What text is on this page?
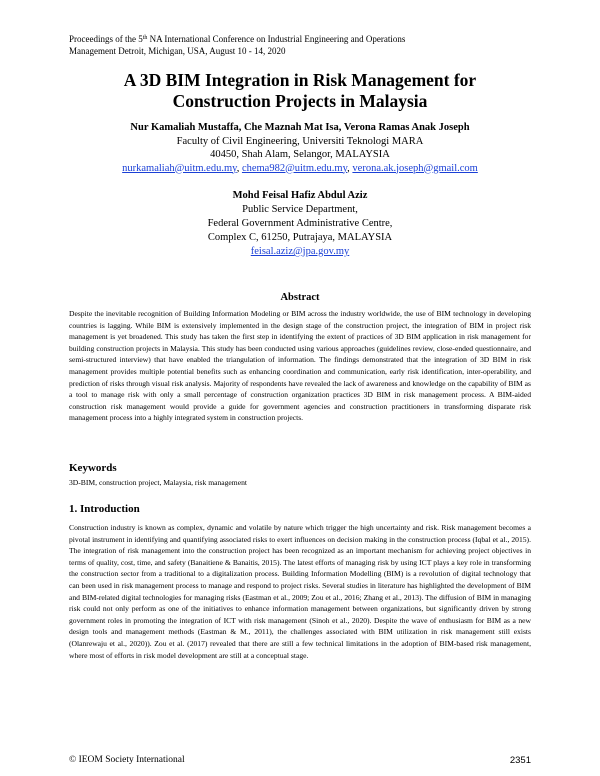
Proceedings of the 5th NA International Conference on Industrial Engineering and Operations
Management Detroit, Michigan, USA, August 10 - 14, 2020
A 3D BIM Integration in Risk Management for
Construction Projects in Malaysia
Nur Kamaliah Mustaffa, Che Maznah Mat Isa, Verona Ramas Anak Joseph
Faculty of Civil Engineering, Universiti Teknologi MARA
40450, Shah Alam, Selangor, MALAYSIA
nurkamaliah@uitm.edu.my, chema982@uitm.edu.my, verona.ak.joseph@gmail.com
Mohd Feisal Hafiz Abdul Aziz
Public Service Department,
Federal Government Administrative Centre,
Complex C, 61250, Putrajaya, MALAYSIA
feisal.aziz@jpa.gov.my
Abstract
Despite the inevitable recognition of Building Information Modeling or BIM across the industry worldwide, the use of BIM technology in developing countries is lagging. While BIM is extensively implemented in the design stage of the construction project, the integration of BIM in project risk management is yet broadened. This study has taken the first step in identifying the extent of practices of 3D BIM application in risk management for building construction projects in Malaysia. This study has been conducted using various approaches (guidelines review, close-ended questionnaire, and semi-structured interview) that have enabled the triangulation of information. The findings demonstrated that the integration of 3D BIM in risk management provides multiple potential benefits such as enhancing coordination and communication, early risk identification, inter-operability, and prediction of risks through visual risk analysis. Majority of respondents have revealed the lack of awareness and knowledge on the capability of BIM as a tool to manage risk with only a small percentage of construction organization practices 3D BIM in risk management process. A BIM-aided construction risk management would provide a guide for government agencies and construction practitioners in transforming disparate risk management process into a highly integrated system in construction projects.
Keywords
3D-BIM, construction project, Malaysia, risk management
1. Introduction
Construction industry is known as complex, dynamic and volatile by nature which trigger the high uncertainty and risk. Risk management becomes a pivotal instrument in identifying and quantifying associated risks to exert influences on decision making in the construction process (Iqbal et al., 2015). The integration of risk management into the construction project has been recognized as an important mechanism for achieving project objectives in terms of quality, cost, time, and safety (Banaitiene & Banaitis, 2015). The latest efforts of managing risk by using ICT plays a key role in transforming the construction sector from a traditional to a digitalization process. Building Information Modelling (BIM) is a revolution of digital technology that can been used in risk management process to manage and respond to project risks. Several studies in literature has highlighted the development of BIM and BIM-related digital technologies for managing risks (Eastman et al., 2009; Zou et al., 2016; Zhang et al., 2013). The diffusion of BIM in managing risk could not only perform as one of the initiatives to enhance information management between organizations, but significantly driven by strong government roles in promoting the integration of ICT with risk management (Sinoh et al., 2020). Despite the wave of enthusiasm for BIM as a new design tools and management methods (Eastman & M., 2011), the challenges associated with BIM utilization in risk management still exists (Olanrewaju et al., 2020)). Zou et al. (2017) revealed that there are still a few technical limitations in the adoption of BIM-based risk management, where most of efforts in risk model development are still at a conceptual stage.
© IEOM Society International	2351
